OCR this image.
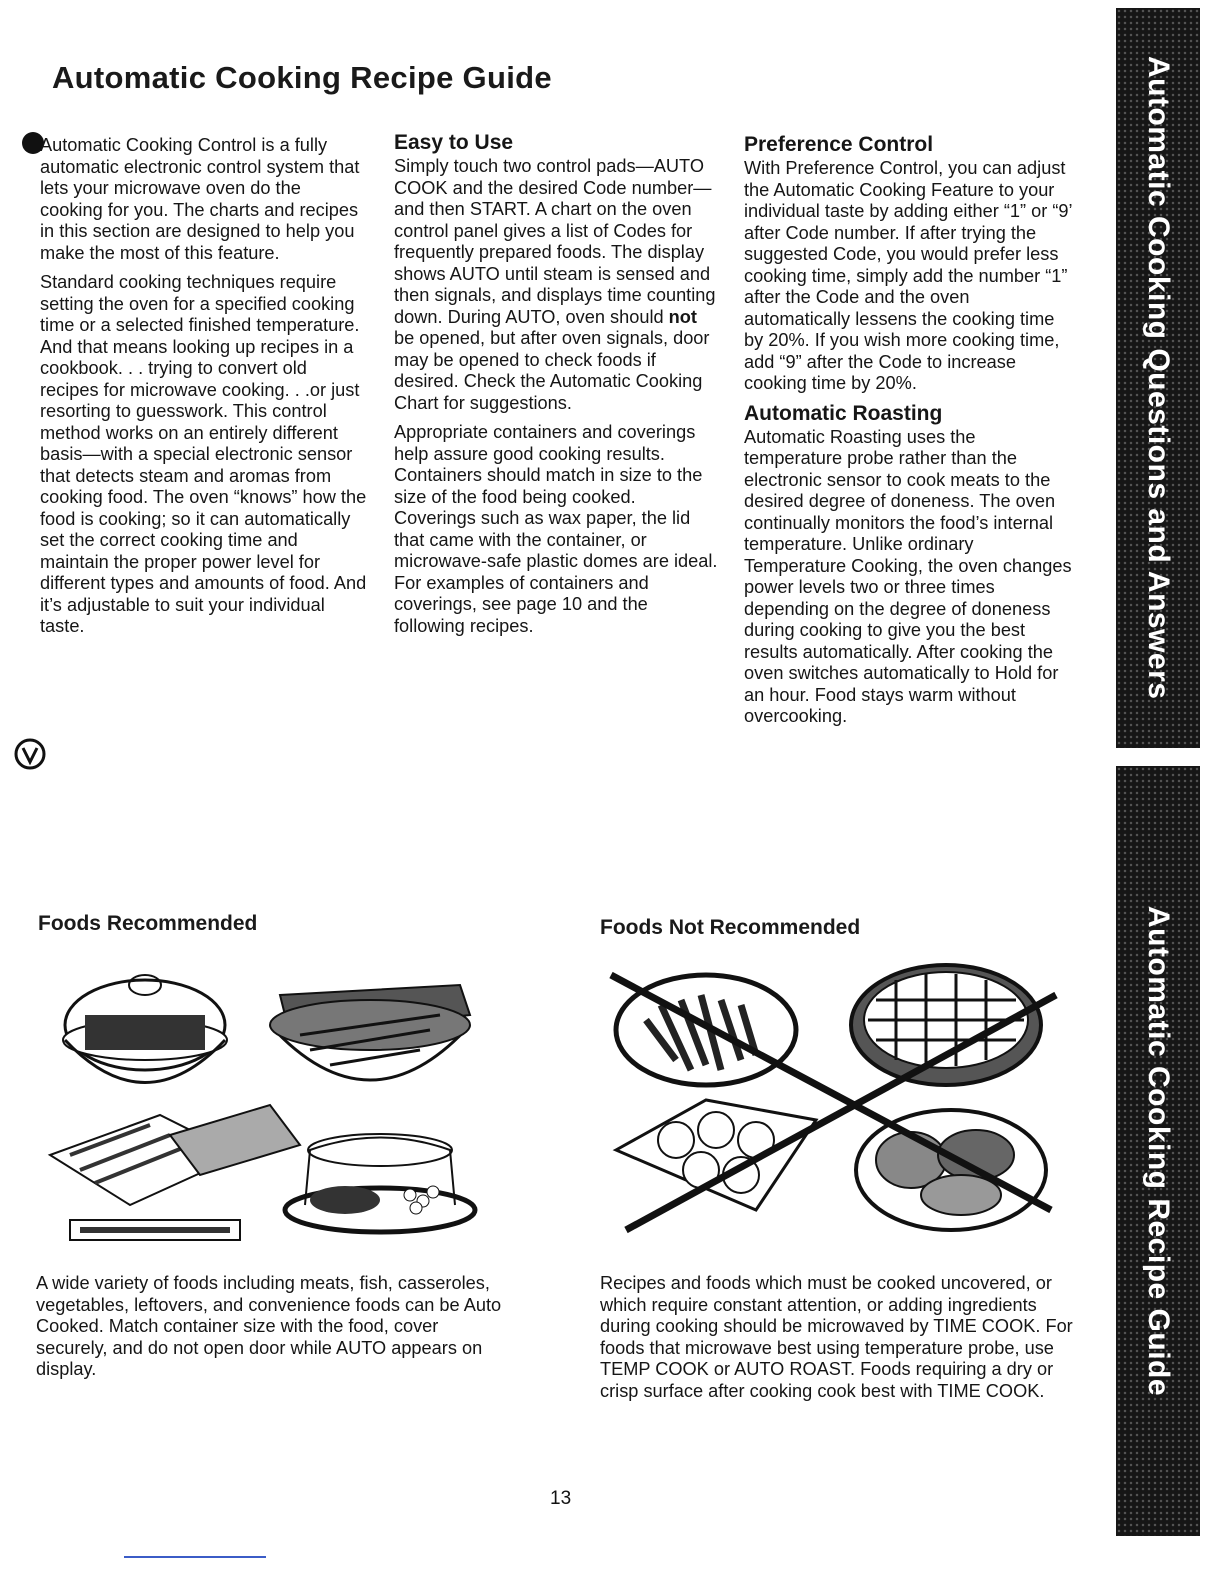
Automatic Cooking Recipe Guide

Automatic Cooking Control is a fully automatic electronic control system that lets your microwave oven do the cooking for you. The charts and recipes in this section are designed to help you make the most of this feature.

Standard cooking techniques require setting the oven for a specified cooking time or a selected finished temperature. And that means looking up recipes in a cookbook. . . trying to convert old recipes for microwave cooking. . .or just resorting to guesswork. This control method works on an entirely different basis—with a special electronic sensor that detects steam and aromas from cooking food. The oven “knows” how the food is cooking; so it can automatically set the correct cooking time and maintain the proper power level for different types and amounts of food. And it’s adjustable to suit your individual taste.

Easy to Use

Simply touch two control pads—AUTO COOK and the desired Code number—and then START. A chart on the oven control panel gives a list of Codes for frequently prepared foods. The display shows AUTO until steam is sensed and then signals, and displays time counting down. During AUTO, oven should not be opened, but after oven signals, door may be opened to check foods if desired. Check the Automatic Cooking Chart for suggestions.

Appropriate containers and coverings help assure good cooking results. Containers should match in size to the size of the food being cooked. Coverings such as wax paper, the lid that came with the container, or microwave-safe plastic domes are ideal. For examples of containers and coverings, see page 10 and the following recipes.

Preference Control

With Preference Control, you can adjust the Automatic Cooking Feature to your individual taste by adding either “1” or “9’ after Code number. If after trying the suggested Code, you would prefer less cooking time, simply add the number “1” after the Code and the oven automatically lessens the cooking time by 20%. If you wish more cooking time, add “9” after the Code to increase cooking time by 20%.

Automatic Roasting

Automatic Roasting uses the temperature probe rather than the electronic sensor to cook meats to the desired degree of doneness. The oven continually monitors the food’s internal temperature. Unlike ordinary Temperature Cooking, the oven changes power levels two or three times depending on the degree of doneness during cooking to give you the best results automatically. After cooking the oven switches automatically to Hold for an hour. Food stays warm without overcooking.

Foods Recommended

A wide variety of foods including meats, fish, casseroles, vegetables, leftovers, and convenience foods can be Auto Cooked. Match container size with the food, cover securely, and do not open door while AUTO appears on display.

Foods Not Recommended

Recipes and foods which must be cooked uncovered, or which require constant attention, or adding ingredients during cooking should be microwaved by TIME COOK. For foods that microwave best using temperature probe, use TEMP COOK or AUTO ROAST. Foods requiring a dry or crisp surface after cooking cook best with TIME COOK.

Automatic Cooking Questions and Answers
Automatic Cooking Recipe Guide
13
